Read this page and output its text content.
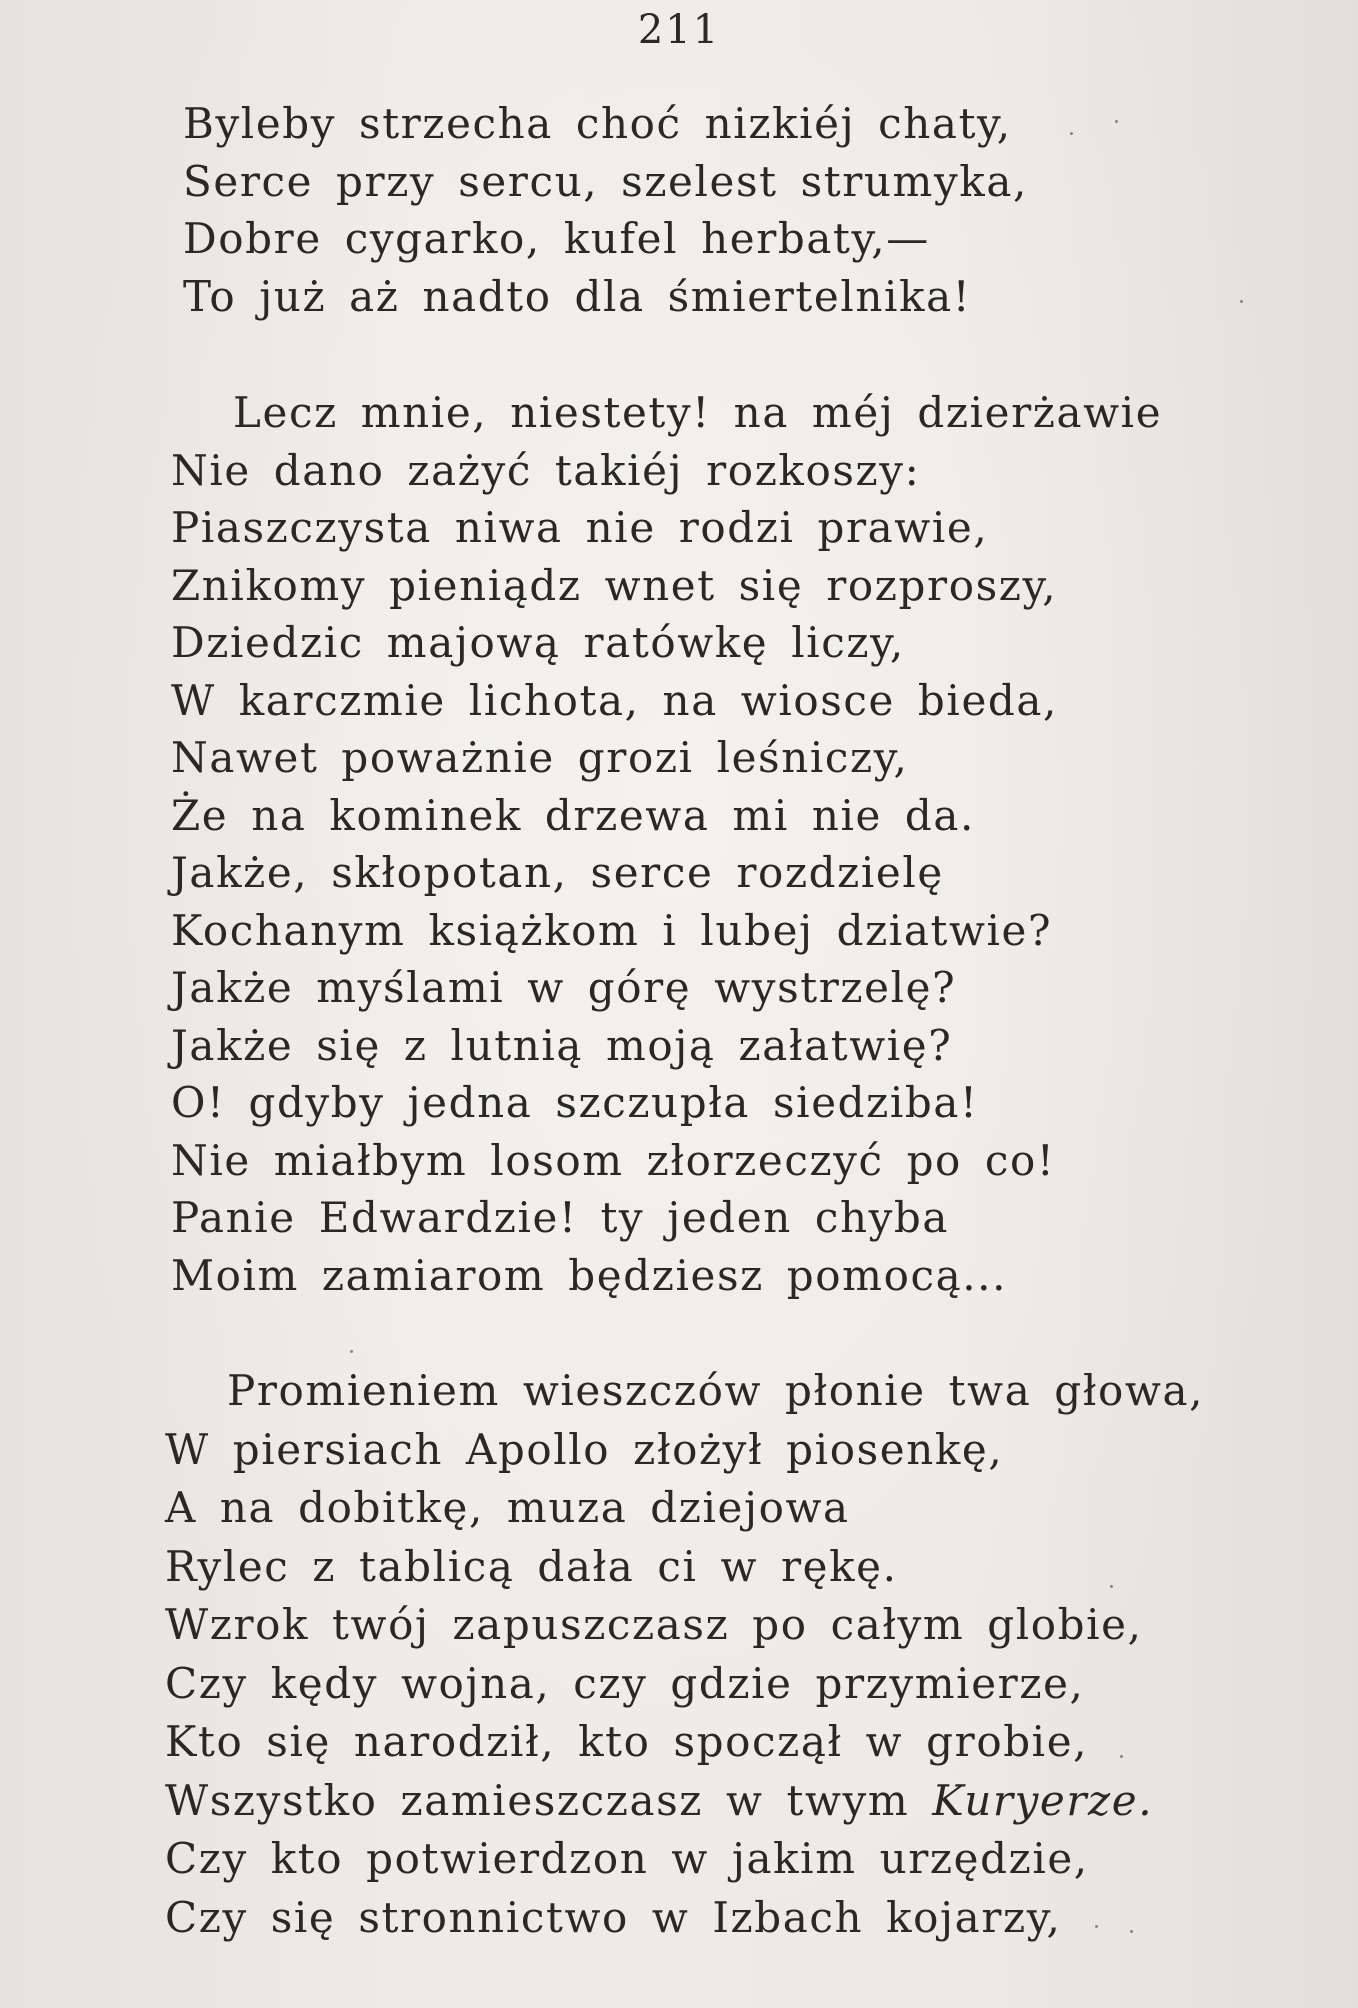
211
Byleby strzecha choć nizkiéj chaty,
Serce przy sercu, szelest strumyka,
Dobre cygarko, kufel herbaty,—
To już aż nadto dla śmiertelnika!
Lecz mnie, niestety! na méj dzierżawie
Nie dano zażyć takiéj rozkoszy:
Piaszczysta niwa nie rodzi prawie,
Znikomy pieniądz wnet się rozproszy,
Dziedzic majową ratówkę liczy,
W karczmie lichota, na wiosce bieda,
Nawet poważnie grozi leśniczy,
Że na kominek drzewa mi nie da.
Jakże, skłopotan, serce rozdzielę
Kochanym książkom i lubej dziatwie?
Jakże myślami w górę wystrzelę?
Jakże się z lutnią moją załatwię?
O! gdyby jedna szczupła siedziba!
Nie miałbym losom złorzeczyć po co!
Panie Edwardzie! ty jeden chyba
Moim zamiarom będziesz pomocą...
Promieniem wieszczów płonie twa głowa,
W piersiach Apollo złożył piosenkę,
A na dobitkę, muza dziejowa
Rylec z tablicą dała ci w rękę.
Wzrok twój zapuszczasz po całym globie,
Czy kędy wojna, czy gdzie przymierze,
Kto się narodził, kto spoczął w grobie,
Wszystko zamieszczasz w twym Kuryerze.
Czy kto potwierdzon w jakim urzędzie,
Czy się stronnictwo w Izbach kojarzy,
